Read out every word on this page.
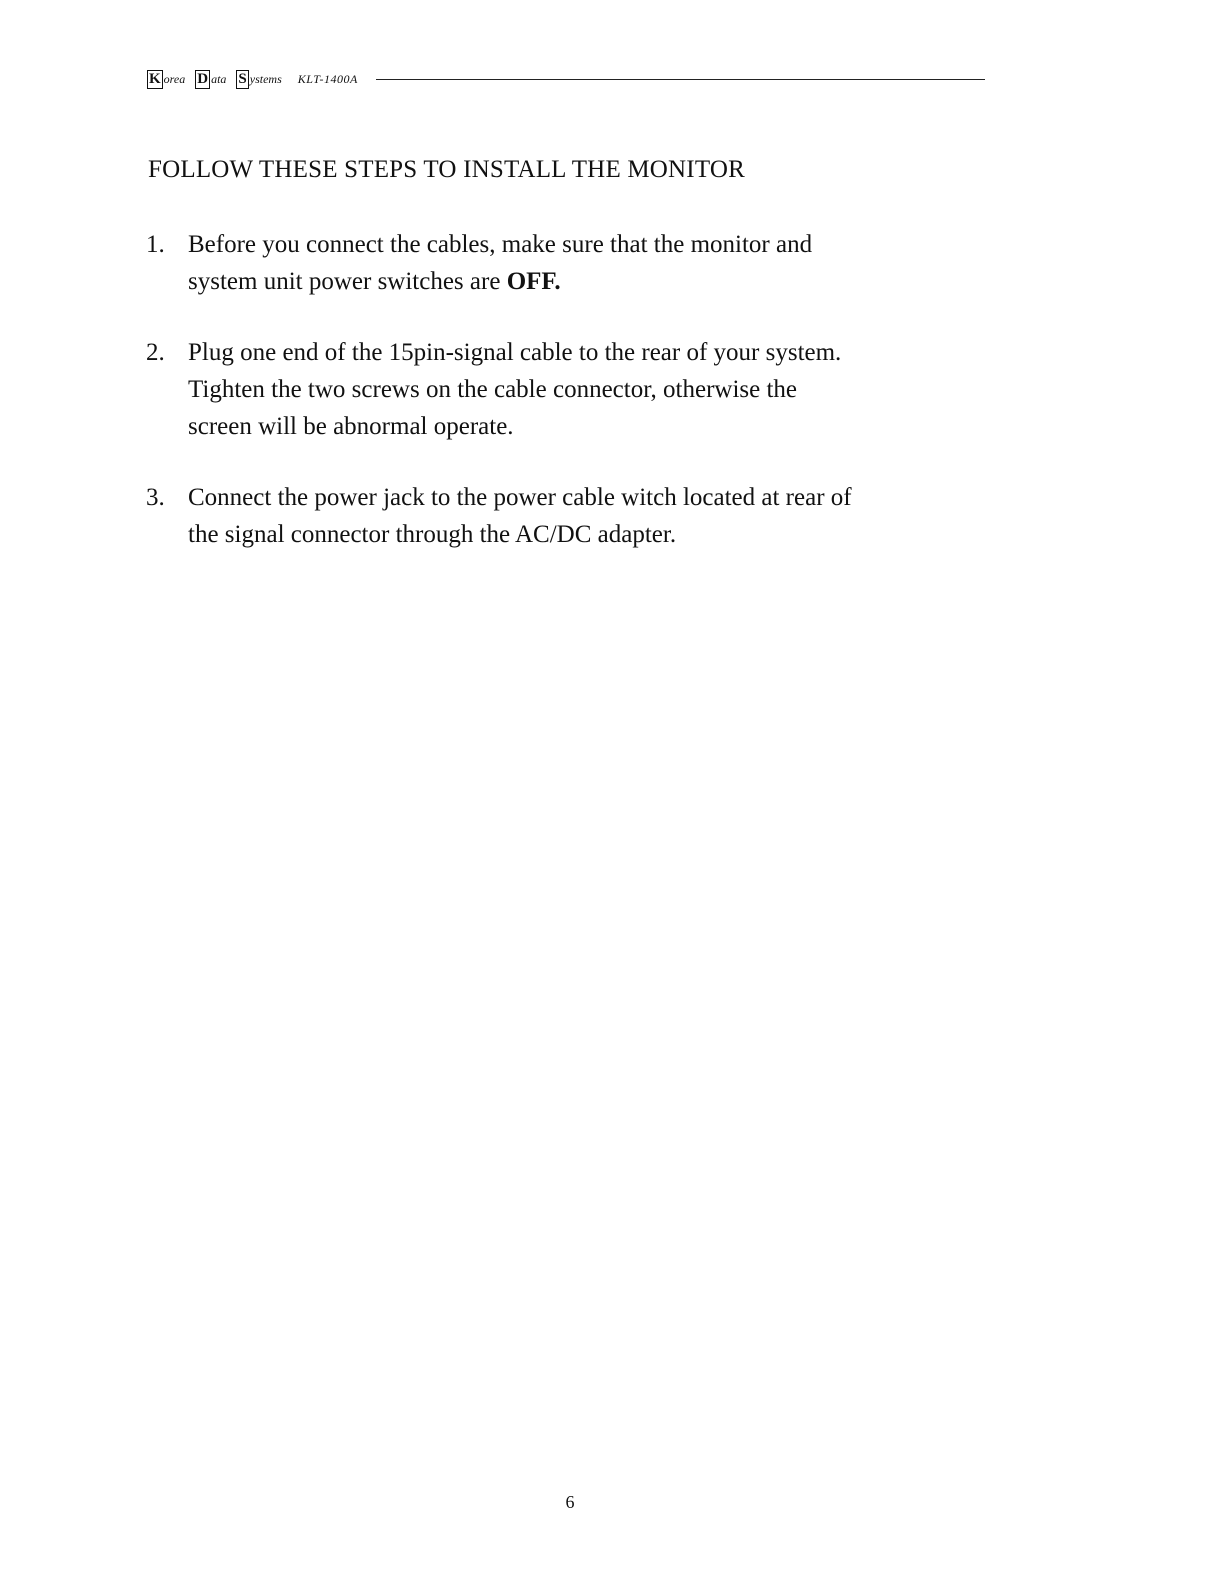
K orea D ata S ystems KLT-1400A
FOLLOW THESE STEPS TO INSTALL THE MONITOR
1. Before you connect the cables, make sure that the monitor and

system unit power switches are OFF.

2. Plug one end of the 15pin-signal cable to the rear of your system.

Tighten the two screws on the cable connector, otherwise the

screen will be abnormal operate.

3. Connect the power jack to the power cable witch located at rear of

the signal connector through the AC/DC adapter.

6
